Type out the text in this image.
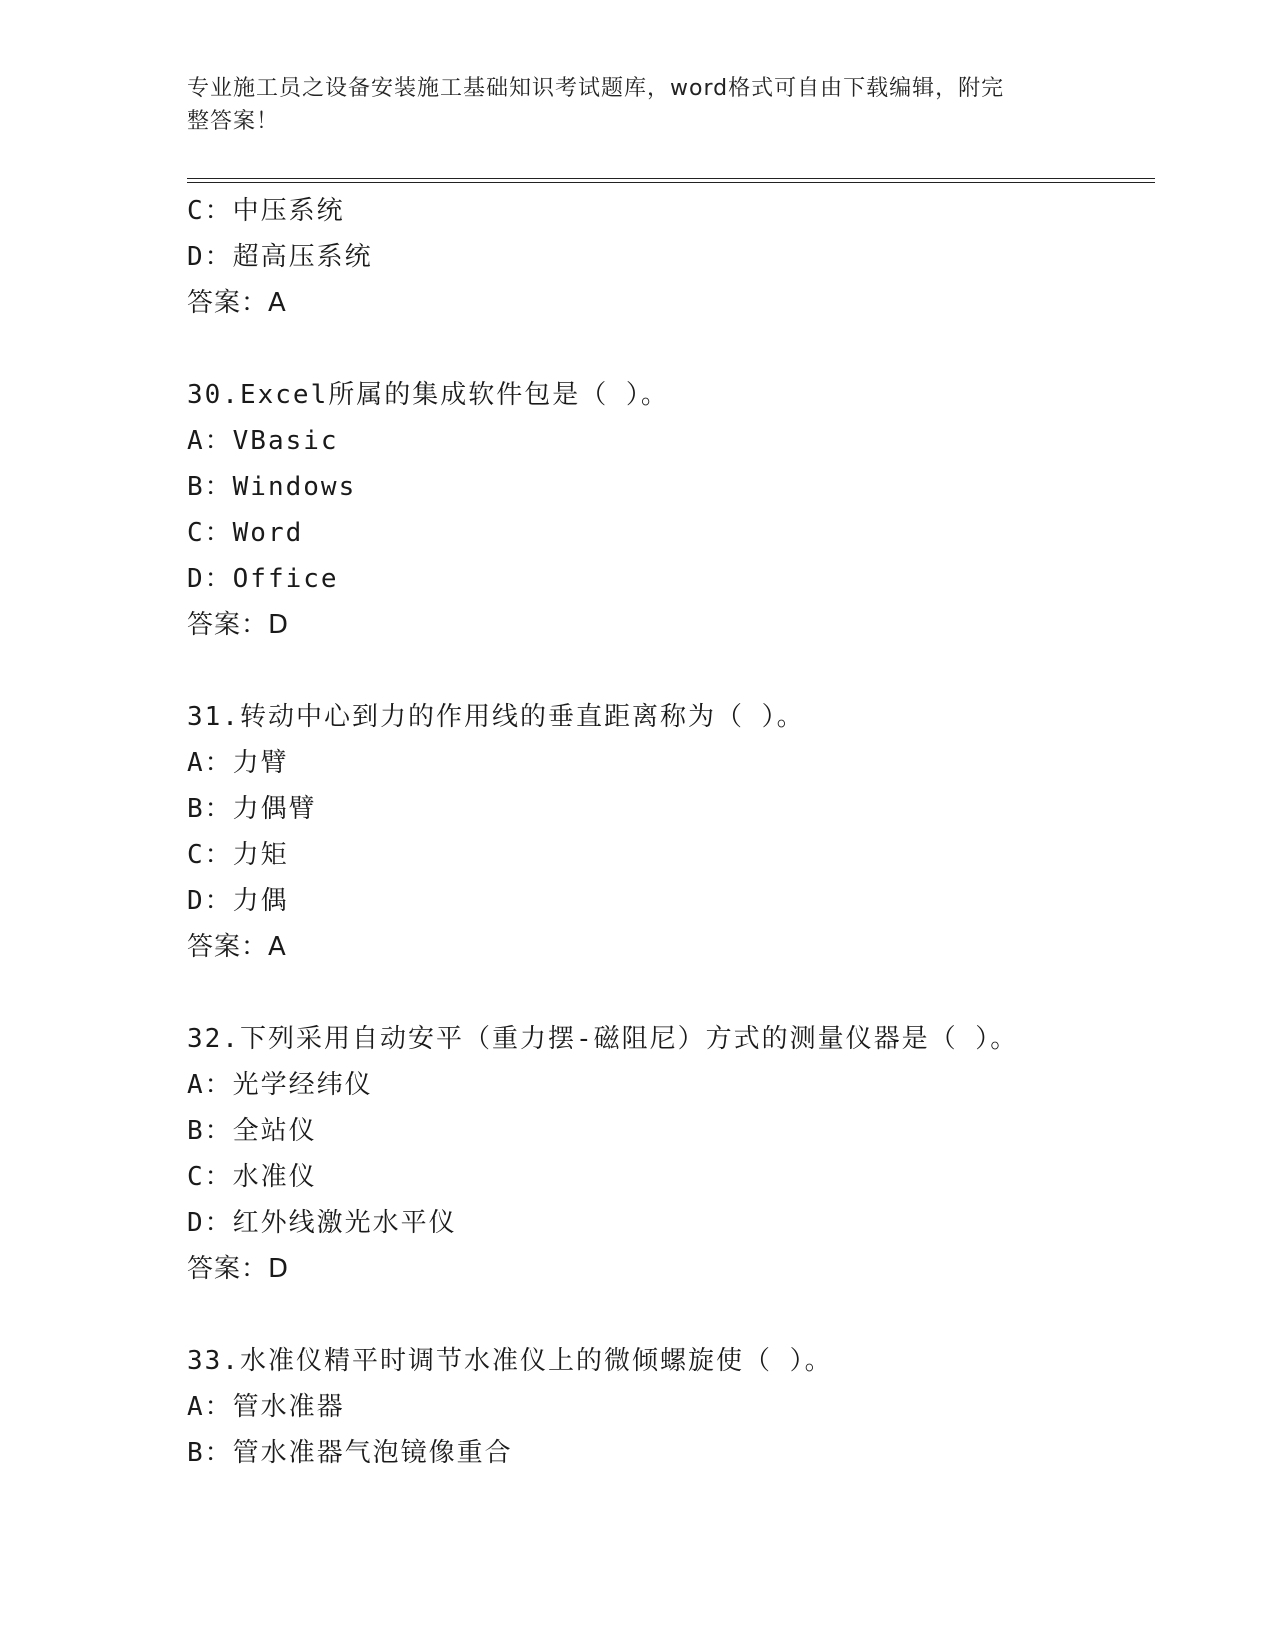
专业施工员之设备安装施工基础知识考试题库，word格式可自由下载编辑，附完
整答案！
C：中压系统
D：超高压系统
答案：A
30.Excel所属的集成软件包是（ ）。
A：VBasic
B：Windows
C：Word
D：Office
答案：D
31.转动中心到力的作用线的垂直距离称为（ ）。
A：力臂
B：力偶臂
C：力矩
D：力偶
答案：A
32.下列采用自动安平（重力摆-磁阻尼）方式的测量仪器是（ ）。
A：光学经纬仪
B：全站仪
C：水准仪
D：红外线激光水平仪
答案：D
33.水准仪精平时调节水准仪上的微倾螺旋使（ ）。
A：管水准器
B：管水准器气泡镜像重合
